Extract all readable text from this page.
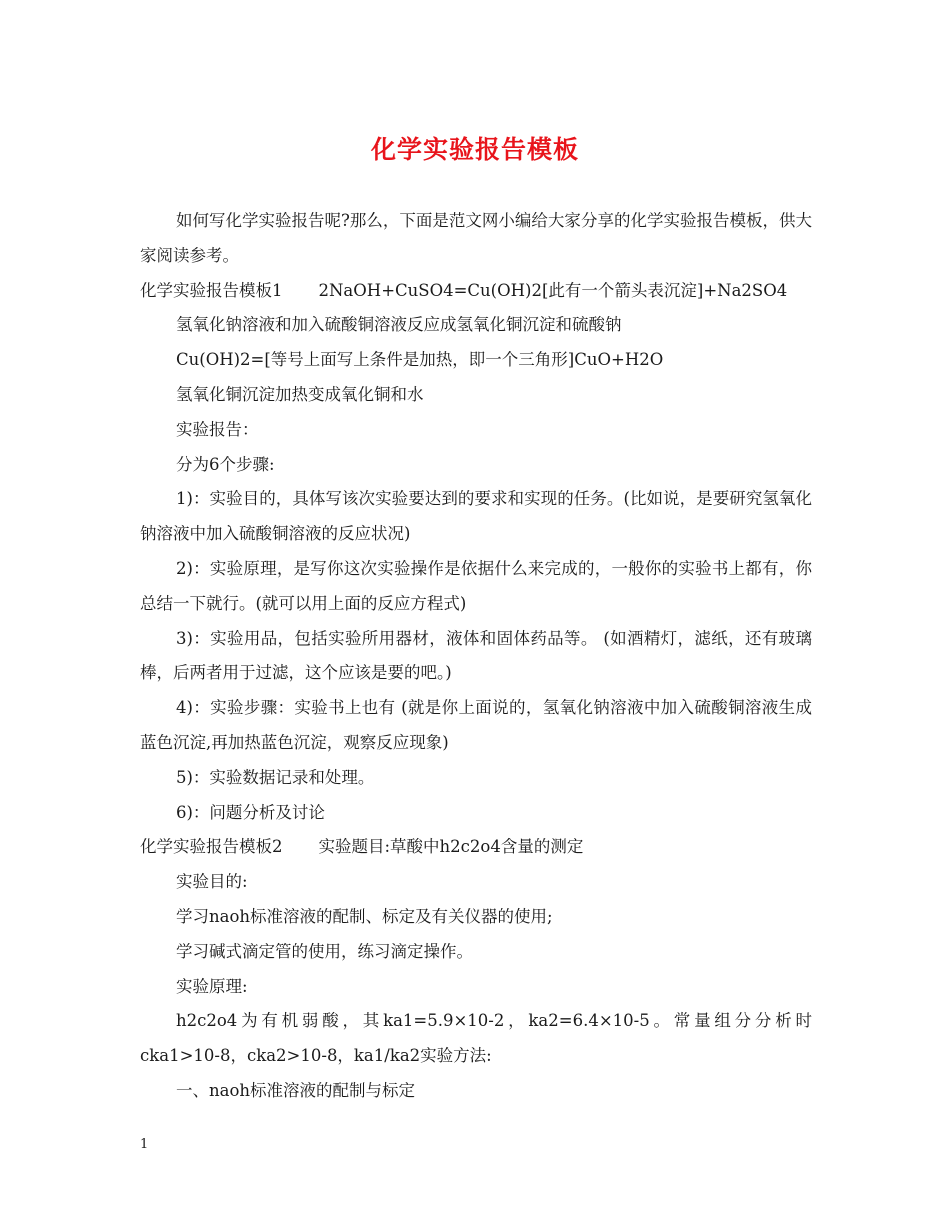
化学实验报告模板

如何写化学实验报告呢?那么，下面是范文网小编给大家分享的化学实验报告模板，供大家阅读参考。

化学实验报告模板1 2NaOH+CuSO4=Cu(OH)2[此有一个箭头表沉淀]+Na2SO4

氢氧化钠溶液和加入硫酸铜溶液反应成氢氧化铜沉淀和硫酸钠

Cu(OH)2=[等号上面写上条件是加热，即一个三角形]CuO+H2O

氢氧化铜沉淀加热变成氧化铜和水

实验报告：

分为6个步骤:

1)：实验目的，具体写该次实验要达到的要求和实现的任务。(比如说，是要研究氢氧化钠溶液中加入硫酸铜溶液的反应状况)

2)：实验原理，是写你这次实验操作是依据什么来完成的，一般你的实验书上都有，你总结一下就行。(就可以用上面的反应方程式)

3)：实验用品，包括实验所用器材，液体和固体药品等。 (如酒精灯，滤纸，还有玻璃棒，后两者用于过滤，这个应该是要的吧。)

4)：实验步骤：实验书上也有 (就是你上面说的，氢氧化钠溶液中加入硫酸铜溶液生成蓝色沉淀,再加热蓝色沉淀，观察反应现象)

5)：实验数据记录和处理。

6)：问题分析及讨论

化学实验报告模板2 实验题目:草酸中h2c2o4含量的测定

实验目的:

学习naoh标准溶液的配制、标定及有关仪器的使用;

学习碱式滴定管的使用，练习滴定操作。

实验原理:

h2c2o4为有机弱酸，其ka1=5.9×10-2，ka2=6.4×10-5。常量组分分析时cka1>10-8，cka2>10-8，ka1/ka2实验方法:

一、naoh标准溶液的配制与标定

1
